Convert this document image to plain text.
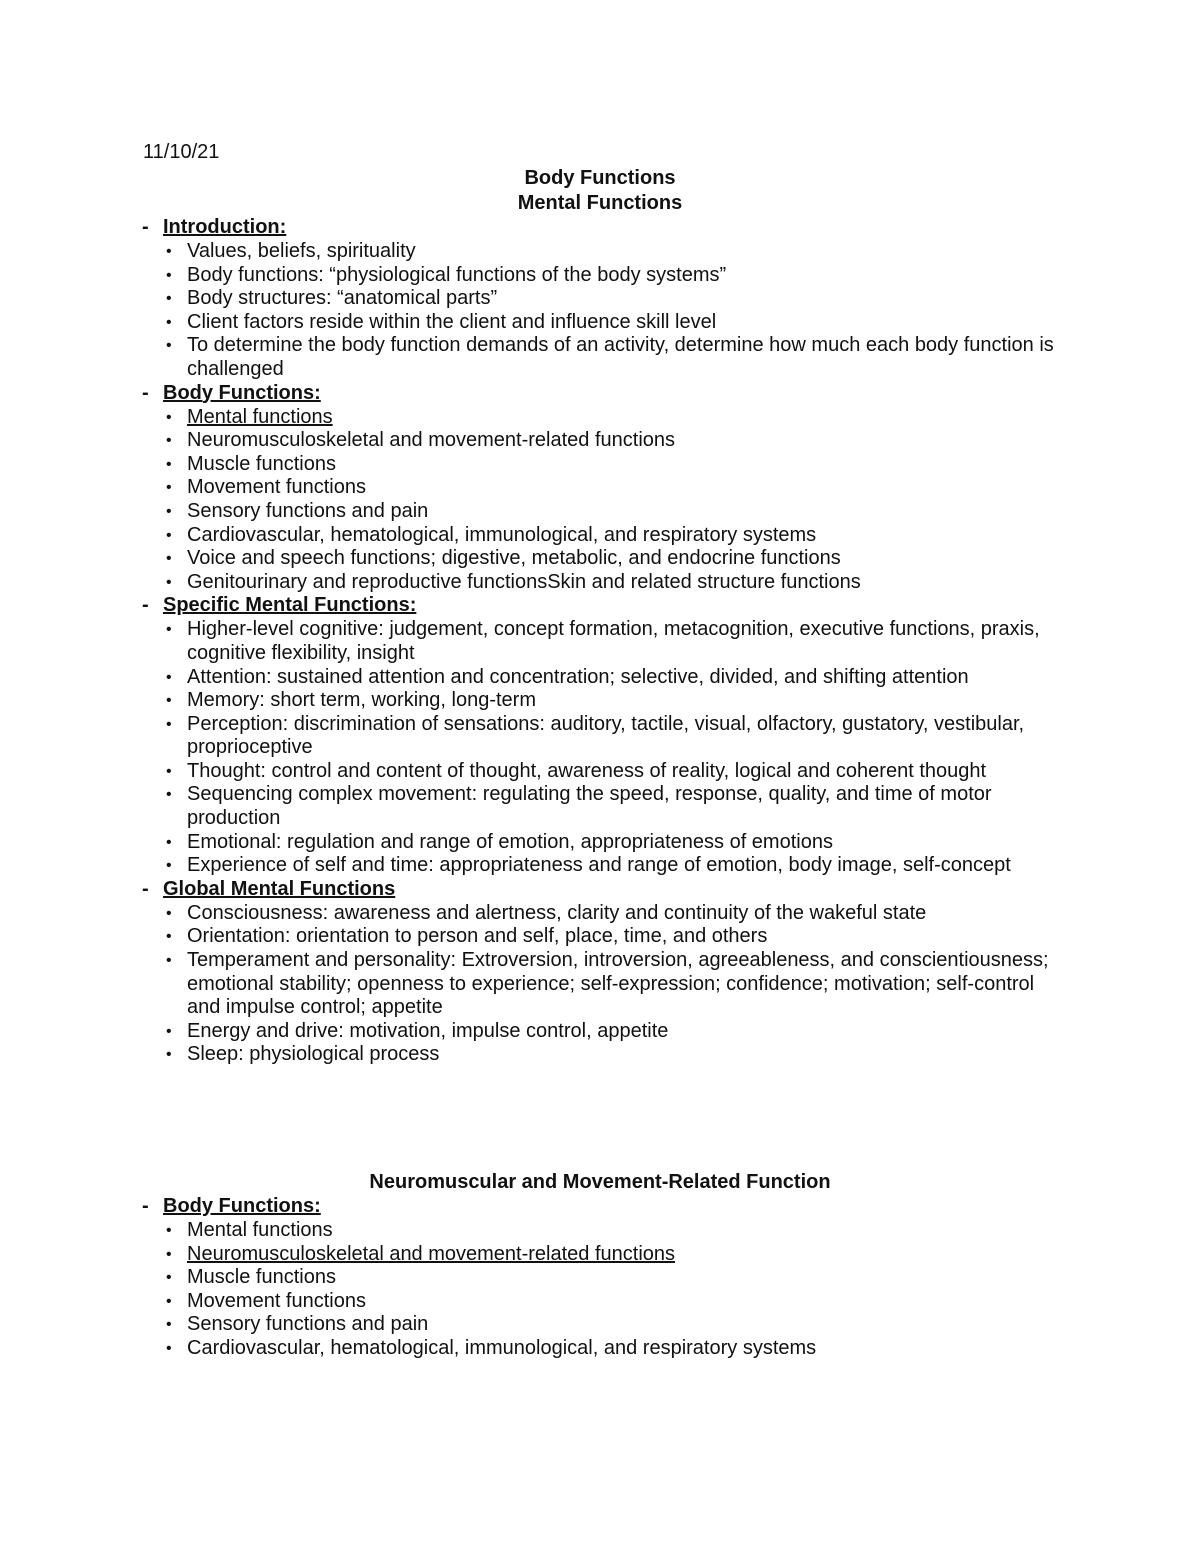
11/10/21
Body Functions
Mental Functions
- Introduction:
• Values, beliefs, spirituality
• Body functions: “physiological functions of the body systems”
• Body structures: “anatomical parts”
• Client factors reside within the client and influence skill level
• To determine the body function demands of an activity, determine how much each body function is challenged
- Body Functions:
• Mental functions
• Neuromusculoskeletal and movement-related functions
• Muscle functions
• Movement functions
• Sensory functions and pain
• Cardiovascular, hematological, immunological, and respiratory systems
• Voice and speech functions; digestive, metabolic, and endocrine functions
• Genitourinary and reproductive functionsSkin and related structure functions
- Specific Mental Functions:
• Higher-level cognitive: judgement, concept formation, metacognition, executive functions, praxis, cognitive flexibility, insight
• Attention: sustained attention and concentration; selective, divided, and shifting attention
• Memory: short term, working, long-term
• Perception: discrimination of sensations: auditory, tactile, visual, olfactory, gustatory, vestibular, proprioceptive
• Thought: control and content of thought, awareness of reality, logical and coherent thought
• Sequencing complex movement: regulating the speed, response, quality, and time of motor production
• Emotional: regulation and range of emotion, appropriateness of emotions
• Experience of self and time: appropriateness and range of emotion, body image, self-concept
- Global Mental Functions
• Consciousness: awareness and alertness, clarity and continuity of the wakeful state
• Orientation: orientation to person and self, place, time, and others
• Temperament and personality: Extroversion, introversion, agreeableness, and conscientiousness; emotional stability; openness to experience; self-expression; confidence; motivation; self-control and impulse control; appetite
• Energy and drive: motivation, impulse control, appetite
• Sleep: physiological process
Neuromuscular and Movement-Related Function
- Body Functions:
• Mental functions
• Neuromusculoskeletal and movement-related functions
• Muscle functions
• Movement functions
• Sensory functions and pain
• Cardiovascular, hematological, immunological, and respiratory systems
